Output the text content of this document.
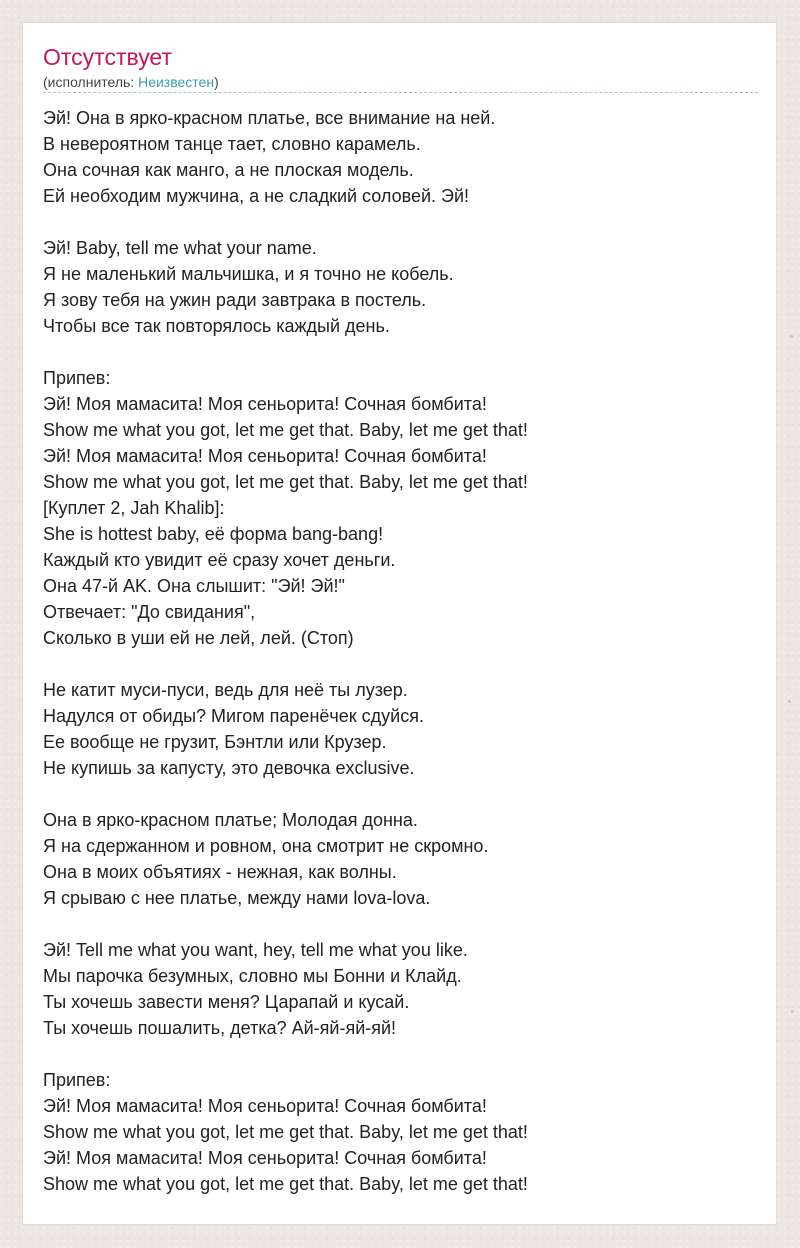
Отсутствует
(исполнитель: Неизвестен)
Эй! Она в ярко-красном платье, все внимание на ней.
В невероятном танце тает, словно карамель.
Она сочная как манго, а не плоская модель.
Ей необходим мужчина, а не сладкий соловей. Эй!
Эй! Baby, tell me what your name.
Я не маленький мальчишка, и я точно не кобель.
Я зову тебя на ужин ради завтрака в постель.
Чтобы все так повторялось каждый день.
Припев:
Эй! Моя мамасита! Моя сеньорита! Сочная бомбита!
Show me what you got, let me get that. Baby, let me get that!
Эй! Моя мамасита! Моя сеньорита! Сочная бомбита!
Show me what you got, let me get that. Baby, let me get that!
[Куплет 2, Jah Khalib]:
She is hottest baby, её форма bang-bang!
Каждый кто увидит её сразу хочет деньги.
Она 47-й AK. Она слышит: "Эй! Эй!"
Отвечает: "До свидания",
Сколько в уши ей не лей, лей. (Стоп)
Не катит муси-пуси, ведь для неё ты лузер.
Надулся от обиды? Мигом паренёчек сдуйся.
Ее вообще не грузит, Бэнтли или Крузер.
Не купишь за капусту, это девочка exclusive.
Она в ярко-красном платье; Молодая донна.
Я на сдержанном и ровном, она смотрит не скромно.
Она в моих объятиях - нежная, как волны.
Я срываю с нее платье, между нами lova-lova.
Эй! Tell me what you want, hey, tell me what you like.
Мы парочка безумных, словно мы Бонни и Клайд.
Ты хочешь завести меня? Царапай и кусай.
Ты хочешь пошалить, детка? Ай-яй-яй-яй!
Припев:
Эй! Моя мамасита! Моя сеньорита! Сочная бомбита!
Show me what you got, let me get that. Baby, let me get that!
Эй! Моя мамасита! Моя сеньорита! Сочная бомбита!
Show me what you got, let me get that. Baby, let me get that!
